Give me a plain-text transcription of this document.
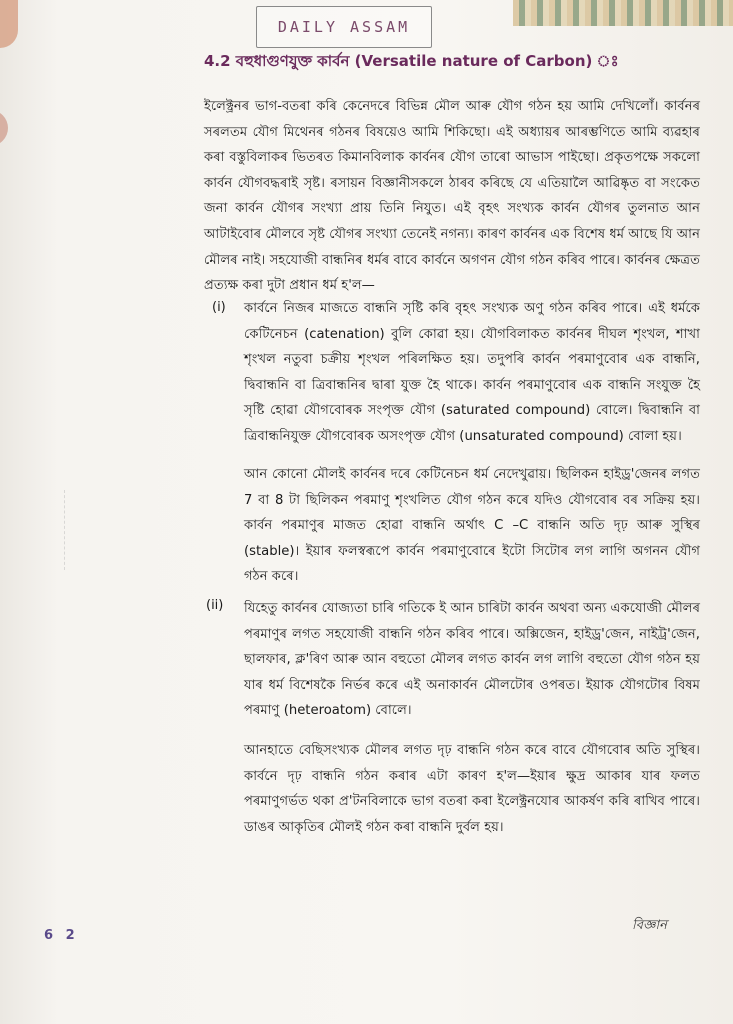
DAILY ASSAM
4.2 বহুধাগুণযুক্ত কাৰ্বন (Versatile nature of Carbon) ঃ
ইলেক্ট্ৰনৰ ভাগ-বতৰা কৰি কেনেদৰে বিভিন্ন মৌল আৰু যৌগ গঠন হয় আমি দেখিলোঁ। কাৰ্বনৰ সৰলতম যৌগ মিথেনৰ গঠনৰ বিষয়েও আমি শিকিছো। এই অধ্যায়ৰ আৰম্ভণিতে আমি ব্যৱহাৰ কৰা বস্তুবিলাকৰ ভিতৰত কিমানবিলাক কাৰ্বনৰ যৌগ তাৰো আভাস পাইছো। প্ৰকৃতপক্ষে সকলো কাৰ্বন যৌগবদ্ধৰাই সৃষ্ট। ৰসায়ন বিজ্ঞানীসকলে ঠাৰব কৰিছে যে এতিয়ালৈ আৱিষ্কৃত বা সংকেত জনা কাৰ্বন যৌগৰ সংখ্যা প্ৰায় তিনি নিযুত। এই বৃহৎ সংখ্যক কাৰ্বন যৌগৰ তুলনাত আন আটাইবোৰ মৌলবে সৃষ্ট যৌগৰ সংখ্যা তেনেই নগন্য। কাৰণ কাৰ্বনৰ এক বিশেষ ধৰ্ম আছে যি আন মৌলৰ নাই। সহযোজী বান্ধনিৰ ধৰ্মৰ বাবে কাৰ্বনে অগণন যৌগ গঠন কৰিব পাৰে। কাৰ্বনৰ ক্ষেত্ৰত প্ৰত্যক্ষ কৰা দুটা প্ৰধান ধৰ্ম হ'ল—
(i) কাৰ্বনে নিজৰ মাজতে বান্ধনি সৃষ্টি কৰি বৃহৎ সংখ্যক অণু গঠন কৰিব পাৰে। এই ধৰ্মকে কেটিনেচন (catenation) বুলি কোৱা হয়। যৌগবিলাকত কাৰ্বনৰ দীঘল শৃংখল, শাখা শৃংখল নতুবা চক্ৰীয় শৃংখল পৰিলক্ষিত হয়। তদুপৰি কাৰ্বন পৰমাণুবোৰ এক বান্ধনি, দ্বিবান্ধনি বা ত্ৰিবান্ধনিৰ দ্বাৰা যুক্ত হৈ থাকে। কাৰ্বন পৰমাণুবোৰ এক বান্ধনি সংযুক্ত হৈ সৃষ্টি হোৱা যৌগবোৰক সংপৃক্ত যৌগ (saturated compound) বোলে। দ্বিবান্ধনি বা ত্ৰিবান্ধনিযুক্ত যৌগবোৰক অসংপৃক্ত যৌগ (unsaturated compound) বোলা হয়।
আন কোনো মৌলই কাৰ্বনৰ দৰে কেটিনেচন ধৰ্ম নেদেখুৱায়। ছিলিকন হাইড্ৰ'জেনৰ লগত 7 বা 8 টা ছিলিকন পৰমাণু শৃংখলিত যৌগ গঠন কৰে যদিও যৌগবোৰ বৰ সক্ৰিয় হয়। কাৰ্বন পৰমাণুৰ মাজত হোৱা বান্ধনি অৰ্থাৎ C –C বান্ধনি অতি দৃঢ় আৰু সুস্থিৰ (stable)। ইয়াৰ ফলস্বৰূপে কাৰ্বন পৰমাণুবোৰে ইটো সিটোৰ লগ লাগি অগনন যৌগ গঠন কৰে।
(ii) যিহেতু কাৰ্বনৰ যোজ্যতা চাৰি গতিকে ই আন চাৰিটা কাৰ্বন অথবা অন্য একযোজী মৌলৰ পৰমাণুৰ লগত সহযোজী বান্ধনি গঠন কৰিব পাৰে। অক্সিজেন, হাইড্ৰ'জেন, নাইট্ৰ'জেন, ছালফাৰ, ক্ল'ৰিণ আৰু আন বহুতো মৌলৰ লগত কাৰ্বন লগ লাগি বহুতো যৌগ গঠন হয় যাৰ ধৰ্ম বিশেষকৈ নিৰ্ভৰ কৰে এই অনাকাৰ্বন মৌলটোৰ ওপৰত। ইয়াক যৌগটোৰ বিষম পৰমাণু (heteroatom) বোলে।
আনহাতে বেছিসংখ্যক মৌলৰ লগত দৃঢ় বান্ধনি গঠন কৰে বাবে যৌগবোৰ অতি সুস্থিৰ। কাৰ্বনে দৃঢ় বান্ধনি গঠন কৰাৰ এটা কাৰণ হ'ল—ইয়াৰ ক্ষুদ্ৰ আকাৰ যাৰ ফলত পৰমাণুগৰ্ভত থকা প্ৰ'টনবিলাকে ভাগ বতৰা কৰা ইলেক্ট্ৰনযোৰ আকৰ্ষণ কৰি ৰাখিব পাৰে। ডাঙৰ আকৃতিৰ মৌলই গঠন কৰা বান্ধনি দুৰ্বল হয়।
6 2
বিজ্ঞান
